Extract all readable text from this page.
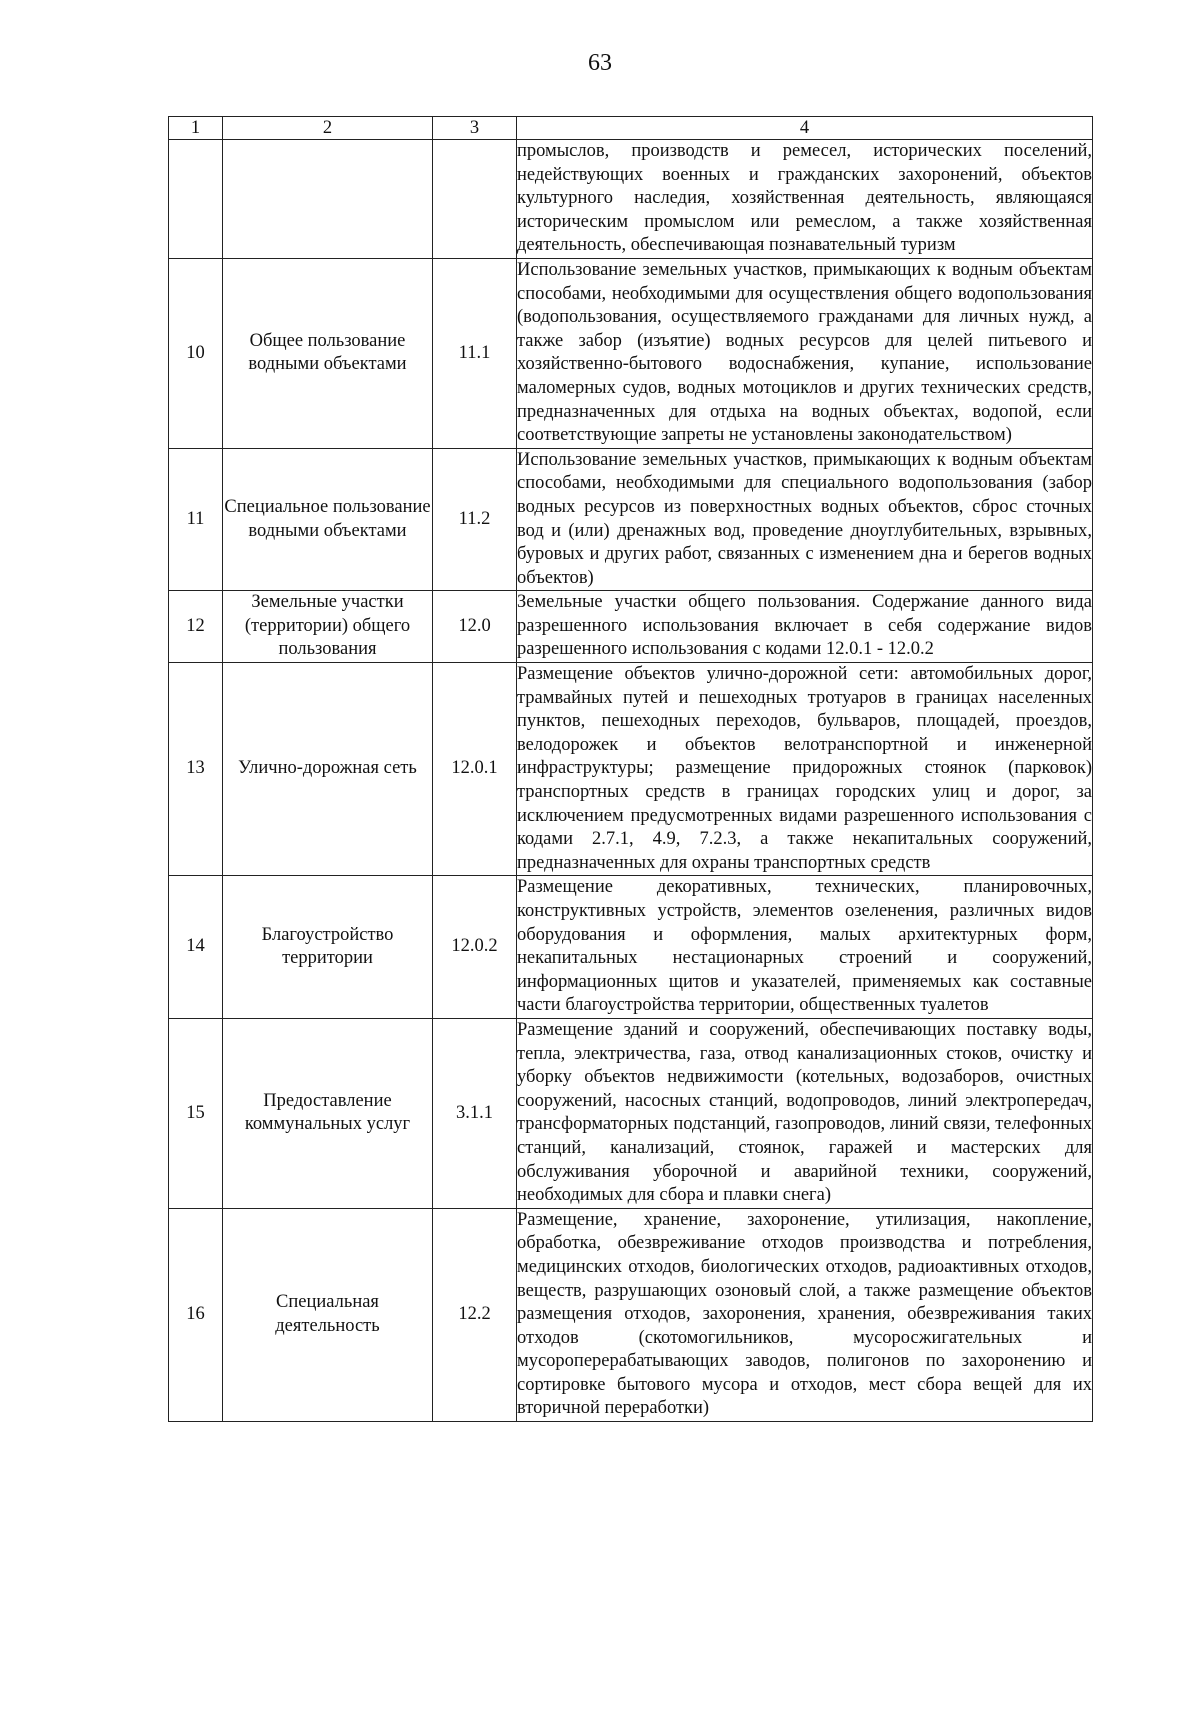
63
1	2	3	4
			промыслов, производств и ремесел, исторических поселений, недействующих военных и гражданских захоронений, объектов культурного наследия, хозяйственная деятельность, являющаяся историческим промыслом или ремеслом, а также хозяйственная деятельность, обеспечивающая познавательный туризм
10	Общее пользование водными объектами	11.1	Использование земельных участков, примыкающих к водным объектам способами, необходимыми для осуществления общего водопользования (водопользования, осуществляемого гражданами для личных нужд, а также забор (изъятие) водных ресурсов для целей питьевого и хозяйственно-бытового водоснабжения, купание, использование маломерных судов, водных мотоциклов и других технических средств, предназначенных для отдыха на водных объектах, водопой, если соответствующие запреты не установлены законодательством)
11	Специальное пользование водными объектами	11.2	Использование земельных участков, примыкающих к водным объектам способами, необходимыми для специального водопользования (забор водных ресурсов из поверхностных водных объектов, сброс сточных вод и (или) дренажных вод, проведение дноуглубительных, взрывных, буровых и других работ, связанных с изменением дна и берегов водных объектов)
12	Земельные участки (территории) общего пользования	12.0	Земельные участки общего пользования. Содержание данного вида разрешенного использования включает в себя содержание видов разрешенного использования с кодами 12.0.1 - 12.0.2
13	Улично-дорожная сеть	12.0.1	Размещение объектов улично-дорожной сети: автомобильных дорог, трамвайных путей и пешеходных тротуаров в границах населенных пунктов, пешеходных переходов, бульваров, площадей, проездов, велодорожек и объектов велотранспортной и инженерной инфраструктуры; размещение придорожных стоянок (парковок) транспортных средств в границах городских улиц и дорог, за исключением предусмотренных видами разрешенного использования с кодами 2.7.1, 4.9, 7.2.3, а также некапитальных сооружений, предназначенных для охраны транспортных средств
14	Благоустройство территории	12.0.2	Размещение декоративных, технических, планировочных, конструктивных устройств, элементов озеленения, различных видов оборудования и оформления, малых архитектурных форм, некапитальных нестационарных строений и сооружений, информационных щитов и указателей, применяемых как составные части благоустройства территории, общественных туалетов
15	Предоставление коммунальных услуг	3.1.1	Размещение зданий и сооружений, обеспечивающих поставку воды, тепла, электричества, газа, отвод канализационных стоков, очистку и уборку объектов недвижимости (котельных, водозаборов, очистных сооружений, насосных станций, водопроводов, линий электропередач, трансформаторных подстанций, газопроводов, линий связи, телефонных станций, канализаций, стоянок, гаражей и мастерских для обслуживания уборочной и аварийной техники, сооружений, необходимых для сбора и плавки снега)
16	Специальная деятельность	12.2	Размещение, хранение, захоронение, утилизация, накопление, обработка, обезвреживание отходов производства и потребления, медицинских отходов, биологических отходов, радиоактивных отходов, веществ, разрушающих озоновый слой, а также размещение объектов размещения отходов, захоронения, хранения, обезвреживания таких отходов (скотомогильников, мусоросжигательных и мусороперерабатывающих заводов, полигонов по захоронению и сортировке бытового мусора и отходов, мест сбора вещей для их вторичной переработки)
